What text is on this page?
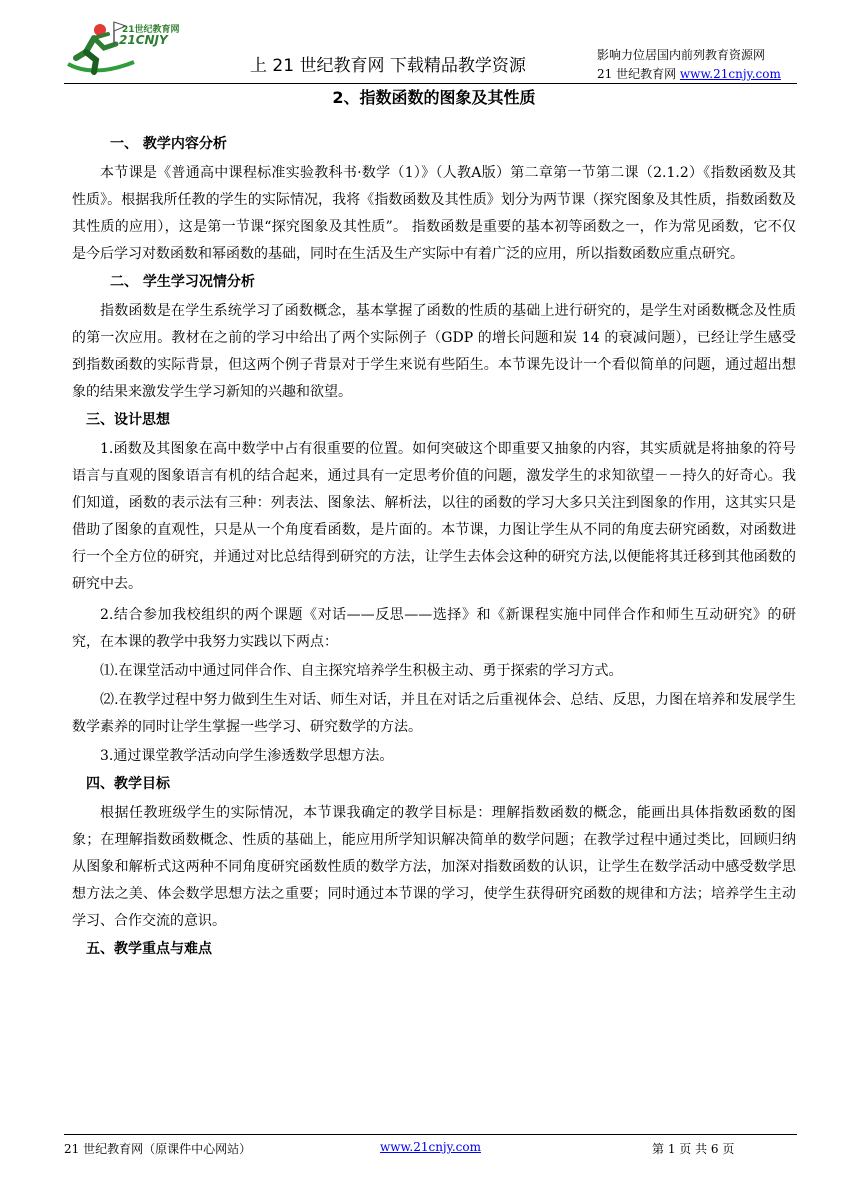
21世纪教育网
21CNJY
上 21 世纪教育网 下载精品教学资源
影响力位居国内前列教育资源网
21 世纪教育网 www.21cnjy.com
2、指数函数的图象及其性质
一、 教学内容分析

本节课是《普通高中课程标准实验教科书·数学（1）》（人教A版）第二章第一节第二课（2.1.2）《指数函数及其性质》。根据我所任教的学生的实际情况，我将《指数函数及其性质》划分为两节课（探究图象及其性质，指数函数及其性质的应用），这是第一节课“探究图象及其性质”。 指数函数是重要的基本初等函数之一，作为常见函数，它不仅是今后学习对数函数和幂函数的基础，同时在生活及生产实际中有着广泛的应用，所以指数函数应重点研究。

二、 学生学习况情分析

指数函数是在学生系统学习了函数概念，基本掌握了函数的性质的基础上进行研究的，是学生对函数概念及性质的第一次应用。教材在之前的学习中给出了两个实际例子（GDP 的增长问题和炭 14 的衰减问题），已经让学生感受到指数函数的实际背景，但这两个例子背景对于学生来说有些陌生。本节课先设计一个看似简单的问题，通过超出想象的结果来激发学生学习新知的兴趣和欲望。

三、设计思想

1.函数及其图象在高中数学中占有很重要的位置。如何突破这个即重要又抽象的内容，其实质就是将抽象的符号语言与直观的图象语言有机的结合起来，通过具有一定思考价值的问题，激发学生的求知欲望－－持久的好奇心。我们知道，函数的表示法有三种：列表法、图象法、解析法，以往的函数的学习大多只关注到图象的作用，这其实只是借助了图象的直观性，只是从一个角度看函数，是片面的。本节课，力图让学生从不同的角度去研究函数，对函数进行一个全方位的研究，并通过对比总结得到研究的方法，让学生去体会这种的研究方法,以便能将其迁移到其他函数的研究中去。

2.结合参加我校组织的两个课题《对话——反思——选择》和《新课程实施中同伴合作和师生互动研究》的研究，在本课的教学中我努力实践以下两点：

⑴.在课堂活动中通过同伴合作、自主探究培养学生积极主动、勇于探索的学习方式。

⑵.在教学过程中努力做到生生对话、师生对话，并且在对话之后重视体会、总结、反思，力图在培养和发展学生数学素养的同时让学生掌握一些学习、研究数学的方法。

3.通过课堂教学活动向学生渗透数学思想方法。

四、教学目标

根据任教班级学生的实际情况，本节课我确定的教学目标是：理解指数函数的概念，能画出具体指数函数的图象；在理解指数函数概念、性质的基础上，能应用所学知识解决简单的数学问题；在教学过程中通过类比，回顾归纳从图象和解析式这两种不同角度研究函数性质的数学方法，加深对指数函数的认识，让学生在数学活动中感受数学思想方法之美、体会数学思想方法之重要；同时通过本节课的学习，使学生获得研究函数的规律和方法；培养学生主动学习、合作交流的意识。

五、教学重点与难点
21 世纪教育网（原课件中心网站）	www.21cnjy.com	第 1 页 共 6 页
